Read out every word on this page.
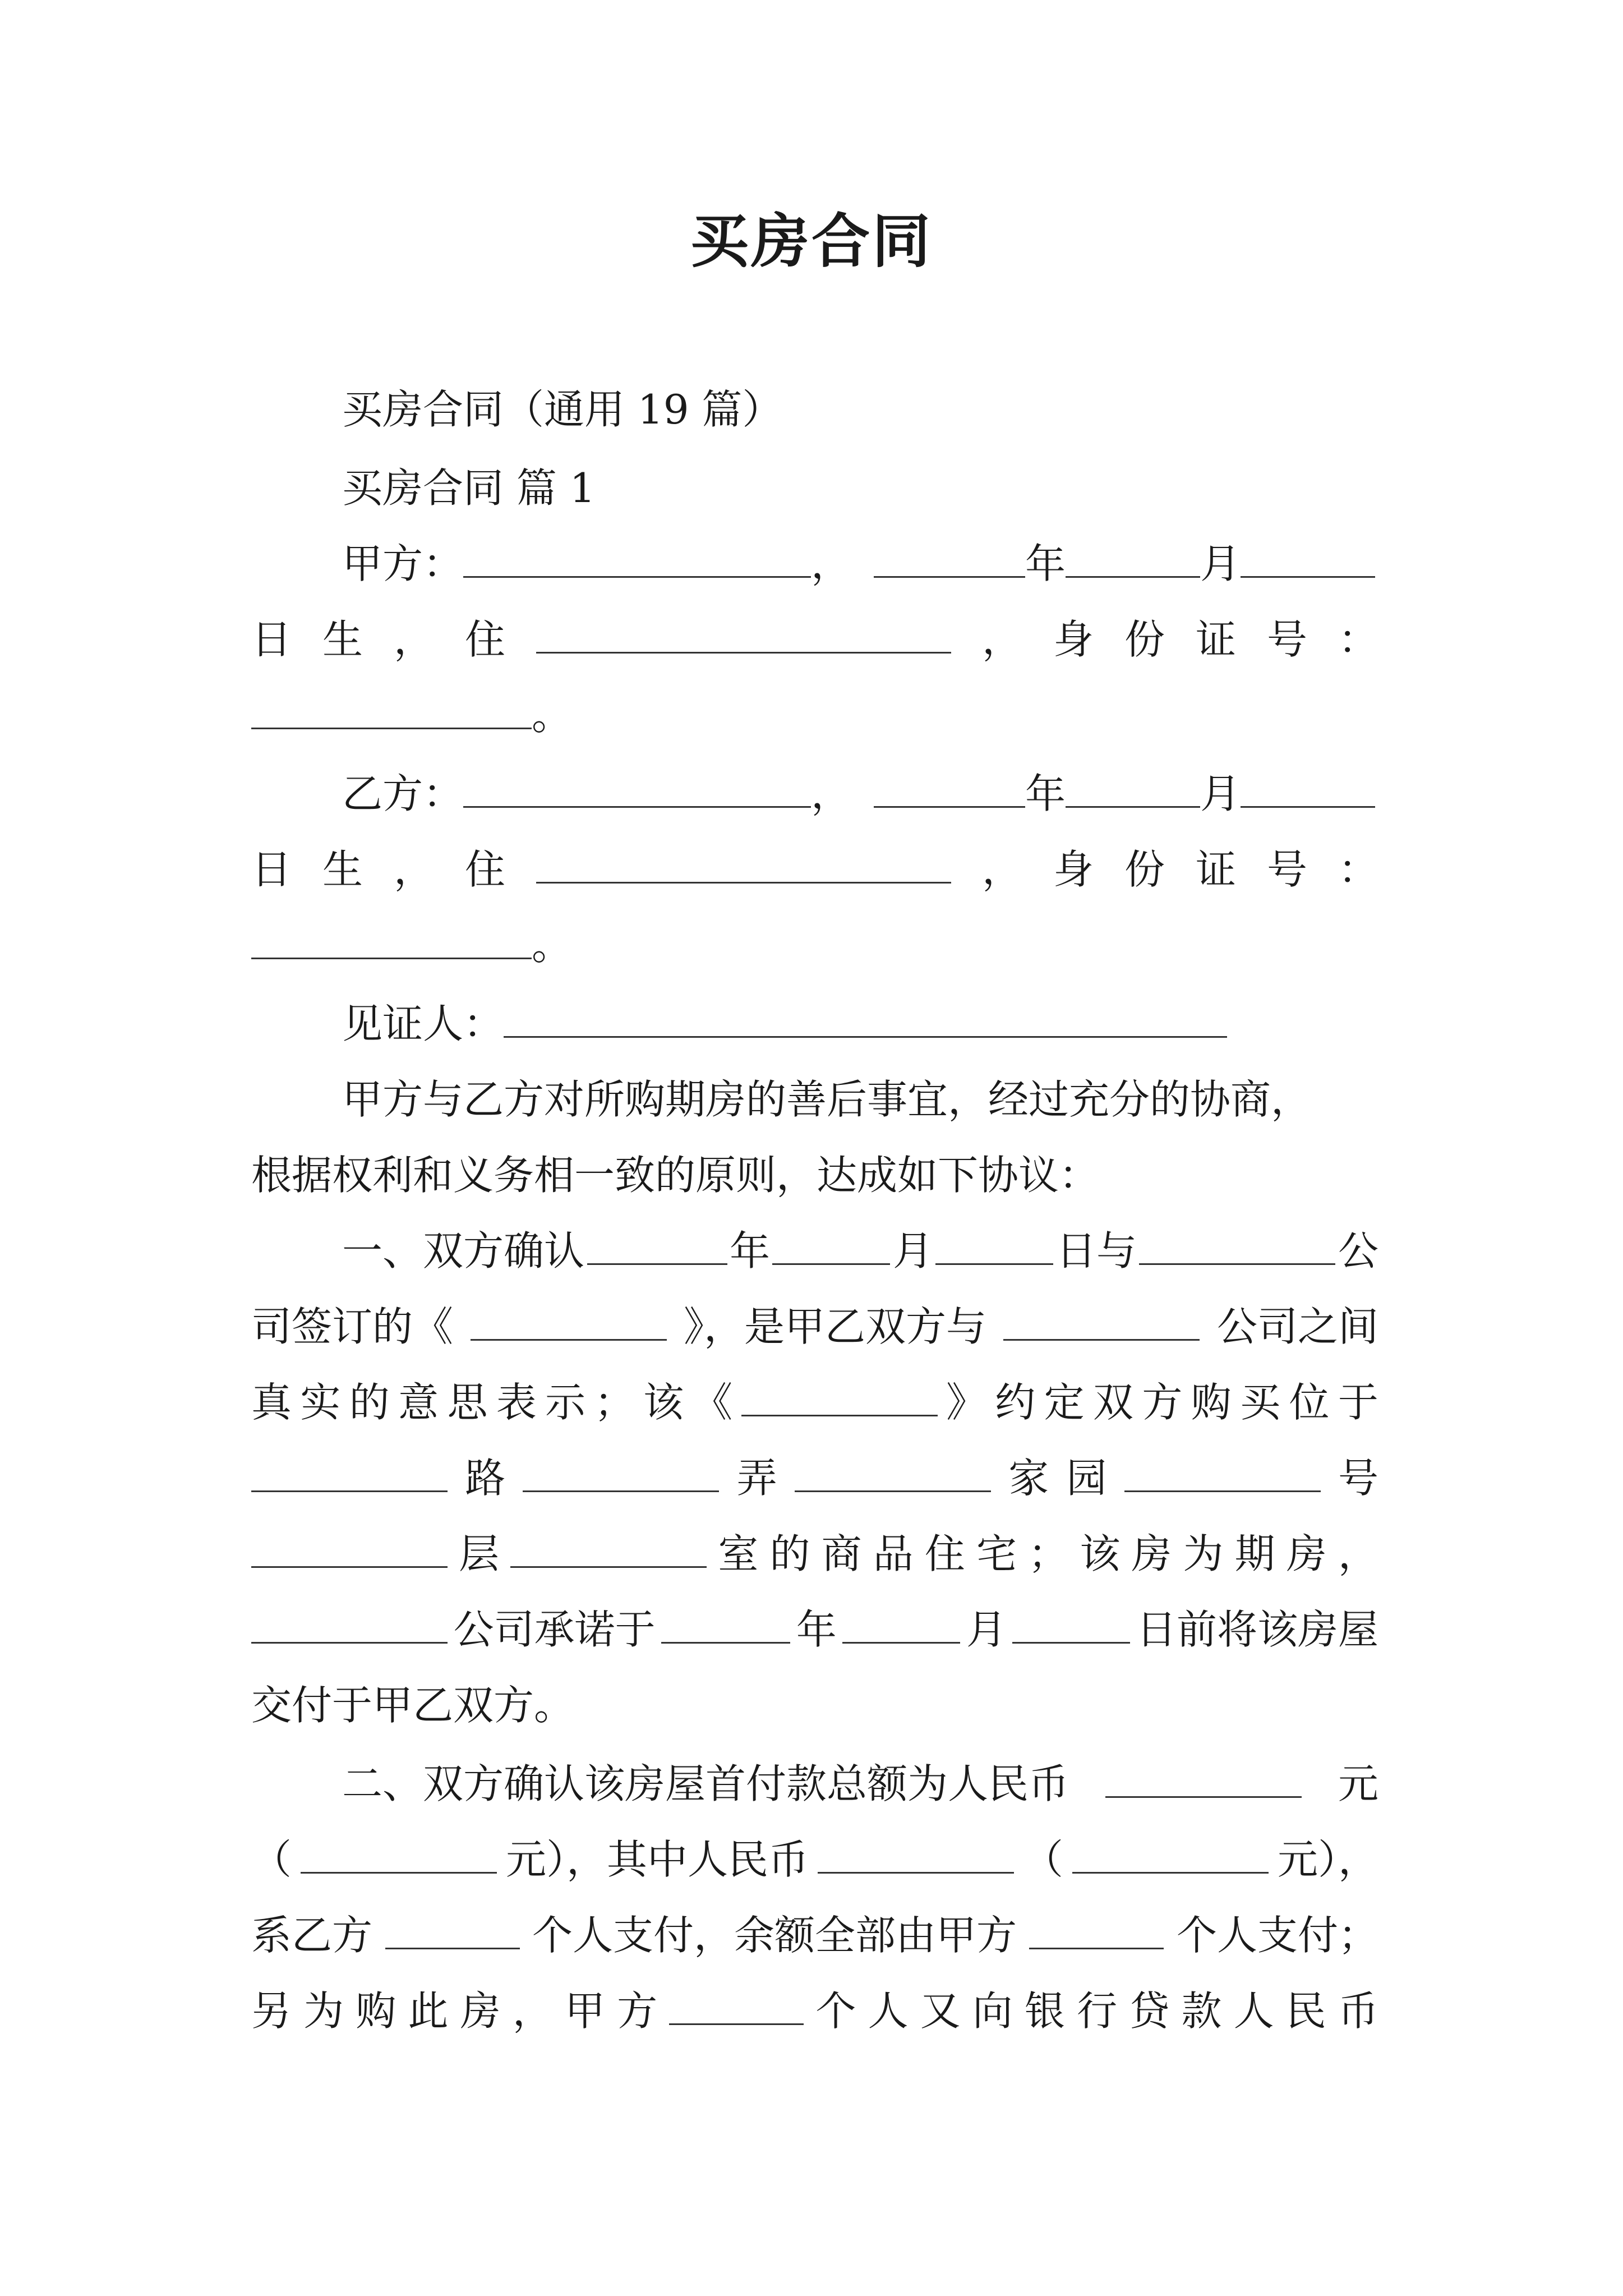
买房合同
买房合同（通用 19 篇）
买房合同 篇 1
甲方：	，	年	月
日 生 ， 住	， 身 份 证 号 ：
。
乙方：	，	年	月
日 生 ， 住	， 身 份 证 号 ：
。
见证人：
甲方与乙方对所购期房的善后事宜，经过充分的协商，
根据权利和义务相一致的原则，达成如下协议：
一、双方确认	年	月	日与	公
司签订的《	》，是甲乙双方与	公司之间
真 实 的 意 思 表 示 ； 该 《	》 约 定 双 方 购 买 位 于
路	弄	家 园	号
层	室 的 商 品 住 宅 ； 该 房 为 期 房 ，
公司承诺于	年	月	日前将该房屋
交付于甲乙双方。
二、双方确认该房屋首付款总额为人民币	元
（	元），其中人民币	（	元），
系乙方	个人支付，余额全部由甲方	个人支付；
另 为 购 此 房 ， 甲 方	个 人 又 向 银 行 贷 款 人 民 币
